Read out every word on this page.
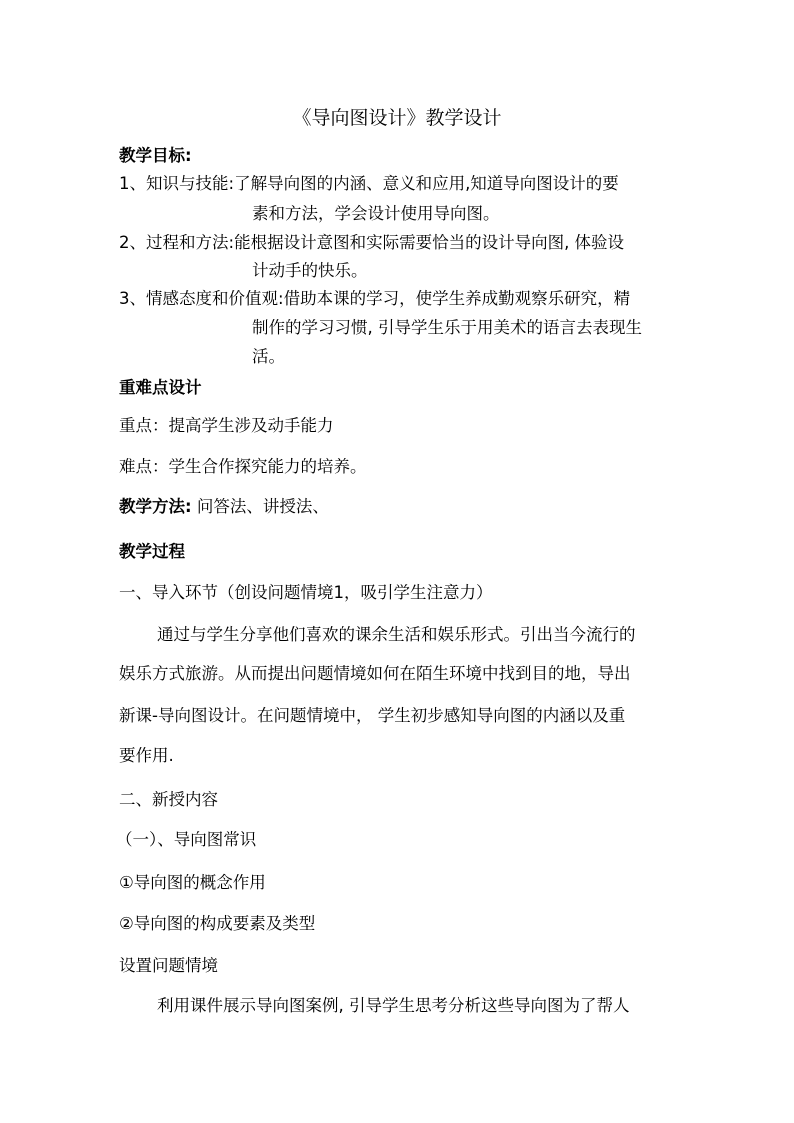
《导向图设计》教学设计
教学目标:
1、知识与技能:了解导向图的内涵、意义和应用,知道导向图设计的要
素和方法，学会设计使用导向图。
2、过程和方法:能根据设计意图和实际需要恰当的设计导向图, 体验设
计动手的快乐。
3、情感态度和价值观:借助本课的学习，使学生养成勤观察乐研究，精
制作的学习习惯, 引导学生乐于用美术的语言去表现生
活。
重难点设计
重点：提高学生涉及动手能力
难点：学生合作探究能力的培养。
教学方法: 问答法、讲授法、
教学过程
一、导入环节（创设问题情境1，吸引学生注意力）
通过与学生分享他们喜欢的课余生活和娱乐形式。引出当今流行的
娱乐方式旅游。从而提出问题情境如何在陌生环境中找到目的地，导出
新课-导向图设计。在问题情境中， 学生初步感知导向图的内涵以及重
要作用.
二、新授内容
（一）、导向图常识
①导向图的概念作用
②导向图的构成要素及类型
设置问题情境
利用课件展示导向图案例, 引导学生思考分析这些导向图为了帮人
